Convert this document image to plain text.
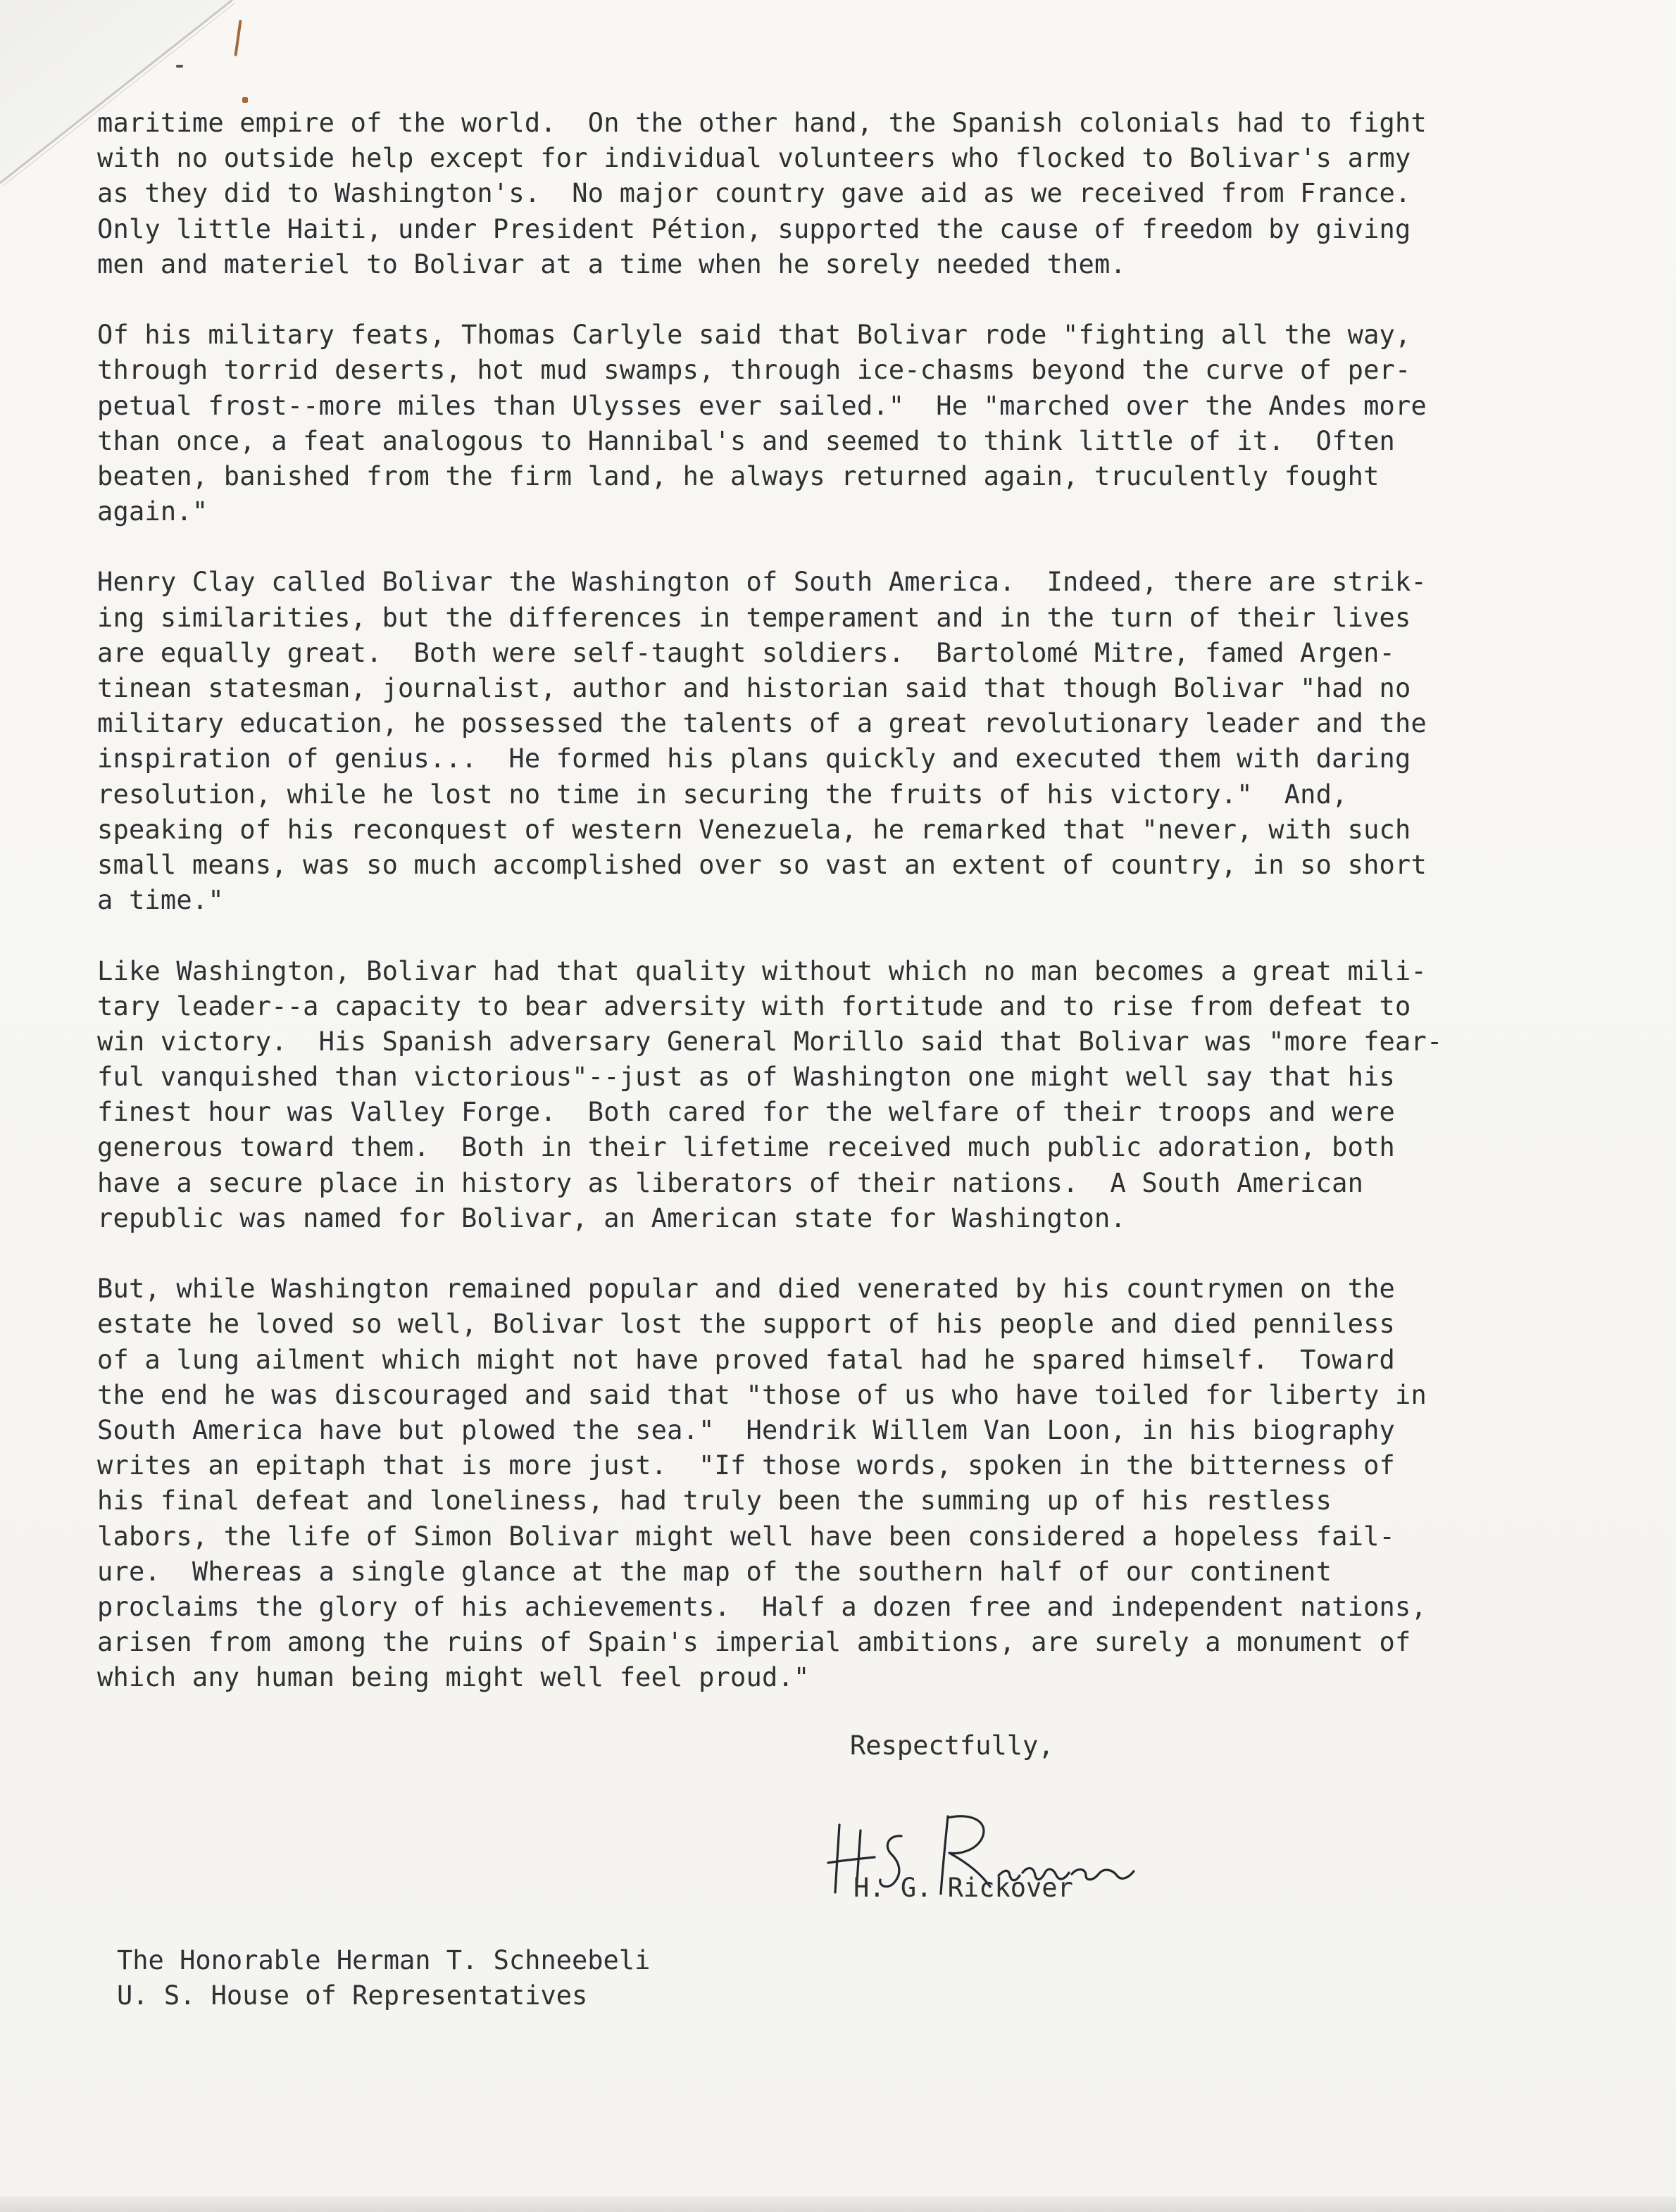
maritime empire of the world.  On the other hand, the Spanish colonials had to fight
with no outside help except for individual volunteers who flocked to Bolivar's army
as they did to Washington's.  No major country gave aid as we received from France.
Only little Haiti, under President Pétion, supported the cause of freedom by giving
men and materiel to Bolivar at a time when he sorely needed them.
Of his military feats, Thomas Carlyle said that Bolivar rode "fighting all the way,
through torrid deserts, hot mud swamps, through ice-chasms beyond the curve of per-
petual frost--more miles than Ulysses ever sailed."  He "marched over the Andes more
than once, a feat analogous to Hannibal's and seemed to think little of it.  Often
beaten, banished from the firm land, he always returned again, truculently fought
again."
Henry Clay called Bolivar the Washington of South America.  Indeed, there are strik-
ing similarities, but the differences in temperament and in the turn of their lives
are equally great.  Both were self-taught soldiers.  Bartolomé Mitre, famed Argen-
tinean statesman, journalist, author and historian said that though Bolivar "had no
military education, he possessed the talents of a great revolutionary leader and the
inspiration of genius...  He formed his plans quickly and executed them with daring
resolution, while he lost no time in securing the fruits of his victory."  And,
speaking of his reconquest of western Venezuela, he remarked that "never, with such
small means, was so much accomplished over so vast an extent of country, in so short
a time."
Like Washington, Bolivar had that quality without which no man becomes a great mili-
tary leader--a capacity to bear adversity with fortitude and to rise from defeat to
win victory.  His Spanish adversary General Morillo said that Bolivar was "more fear-
ful vanquished than victorious"--just as of Washington one might well say that his
finest hour was Valley Forge.  Both cared for the welfare of their troops and were
generous toward them.  Both in their lifetime received much public adoration, both
have a secure place in history as liberators of their nations.  A South American
republic was named for Bolivar, an American state for Washington.
But, while Washington remained popular and died venerated by his countrymen on the
estate he loved so well, Bolivar lost the support of his people and died penniless
of a lung ailment which might not have proved fatal had he spared himself.  Toward
the end he was discouraged and said that "those of us who have toiled for liberty in
South America have but plowed the sea."  Hendrik Willem Van Loon, in his biography
writes an epitaph that is more just.  "If those words, spoken in the bitterness of
his final defeat and loneliness, had truly been the summing up of his restless
labors, the life of Simon Bolivar might well have been considered a hopeless fail-
ure.  Whereas a single glance at the map of the southern half of our continent
proclaims the glory of his achievements.  Half a dozen free and independent nations,
arisen from among the ruins of Spain's imperial ambitions, are surely a monument of
which any human being might well feel proud."
Respectfully,
H. G. Rickover
The Honorable Herman T. Schneebeli
U. S. House of Representatives
